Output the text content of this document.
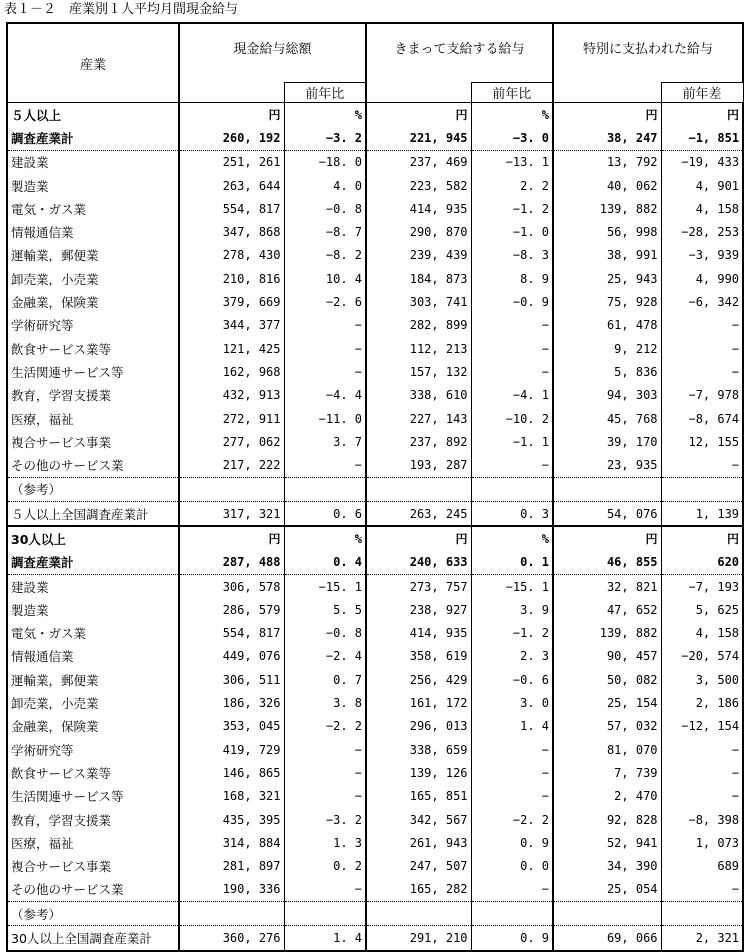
表１－２　産業別１人平均月間現金給与
産業	現金給与総額		きまって支給する給与		特別に支払われた給与	
		前年比		前年比		前年差
５人以上	円	%	円	%	円	円
調査産業計	260, 192	−3. 2	221, 945	−3. 0	38, 247	−1, 851
建設業	251, 261	−18. 0	237, 469	−13. 1	13, 792	−19, 433
製造業	263, 644	4. 0	223, 582	2. 2	40, 062	4, 901
電気・ガス業	554, 817	−0. 8	414, 935	−1. 2	139, 882	4, 158
情報通信業	347, 868	−8. 7	290, 870	−1. 0	56, 998	−28, 253
運輸業，郵便業	278, 430	−8. 2	239, 439	−8. 3	38, 991	−3, 939
卸売業，小売業	210, 816	10. 4	184, 873	8. 9	25, 943	4, 990
金融業，保険業	379, 669	−2. 6	303, 741	−0. 9	75, 928	−6, 342
学術研究等	344, 377	−	282, 899	−	61, 478	−
飲食サービス業等	121, 425	−	112, 213	−	9, 212	−
生活関連サービス等	162, 968	−	157, 132	−	5, 836	−
教育，学習支援業	432, 913	−4. 4	338, 610	−4. 1	94, 303	−7, 978
医療，福祉	272, 911	−11. 0	227, 143	−10. 2	45, 768	−8, 674
複合サービス事業	277, 062	3. 7	237, 892	−1. 1	39, 170	12, 155
その他のサービス業	217, 222	−	193, 287	−	23, 935	−
（参考）						
５人以上全国調査産業計	317, 321	0. 6	263, 245	0. 3	54, 076	1, 139
30人以上	円	%	円	%	円	円
調査産業計	287, 488	0. 4	240, 633	0. 1	46, 855	620
建設業	306, 578	−15. 1	273, 757	−15. 1	32, 821	−7, 193
製造業	286, 579	5. 5	238, 927	3. 9	47, 652	5, 625
電気・ガス業	554, 817	−0. 8	414, 935	−1. 2	139, 882	4, 158
情報通信業	449, 076	−2. 4	358, 619	2. 3	90, 457	−20, 574
運輸業，郵便業	306, 511	0. 7	256, 429	−0. 6	50, 082	3, 500
卸売業，小売業	186, 326	3. 8	161, 172	3. 0	25, 154	2, 186
金融業，保険業	353, 045	−2. 2	296, 013	1. 4	57, 032	−12, 154
学術研究等	419, 729	−	338, 659	−	81, 070	−
飲食サービス業等	146, 865	−	139, 126	−	7, 739	−
生活関連サービス等	168, 321	−	165, 851	−	2, 470	−
教育，学習支援業	435, 395	−3. 2	342, 567	−2. 2	92, 828	−8, 398
医療，福祉	314, 884	1. 3	261, 943	0. 9	52, 941	1, 073
複合サービス事業	281, 897	0. 2	247, 507	0. 0	34, 390	689
その他のサービス業	190, 336	−	165, 282	−	25, 054	−
（参考）						
30人以上全国調査産業計	360, 276	1. 4	291, 210	0. 9	69, 066	2, 321
